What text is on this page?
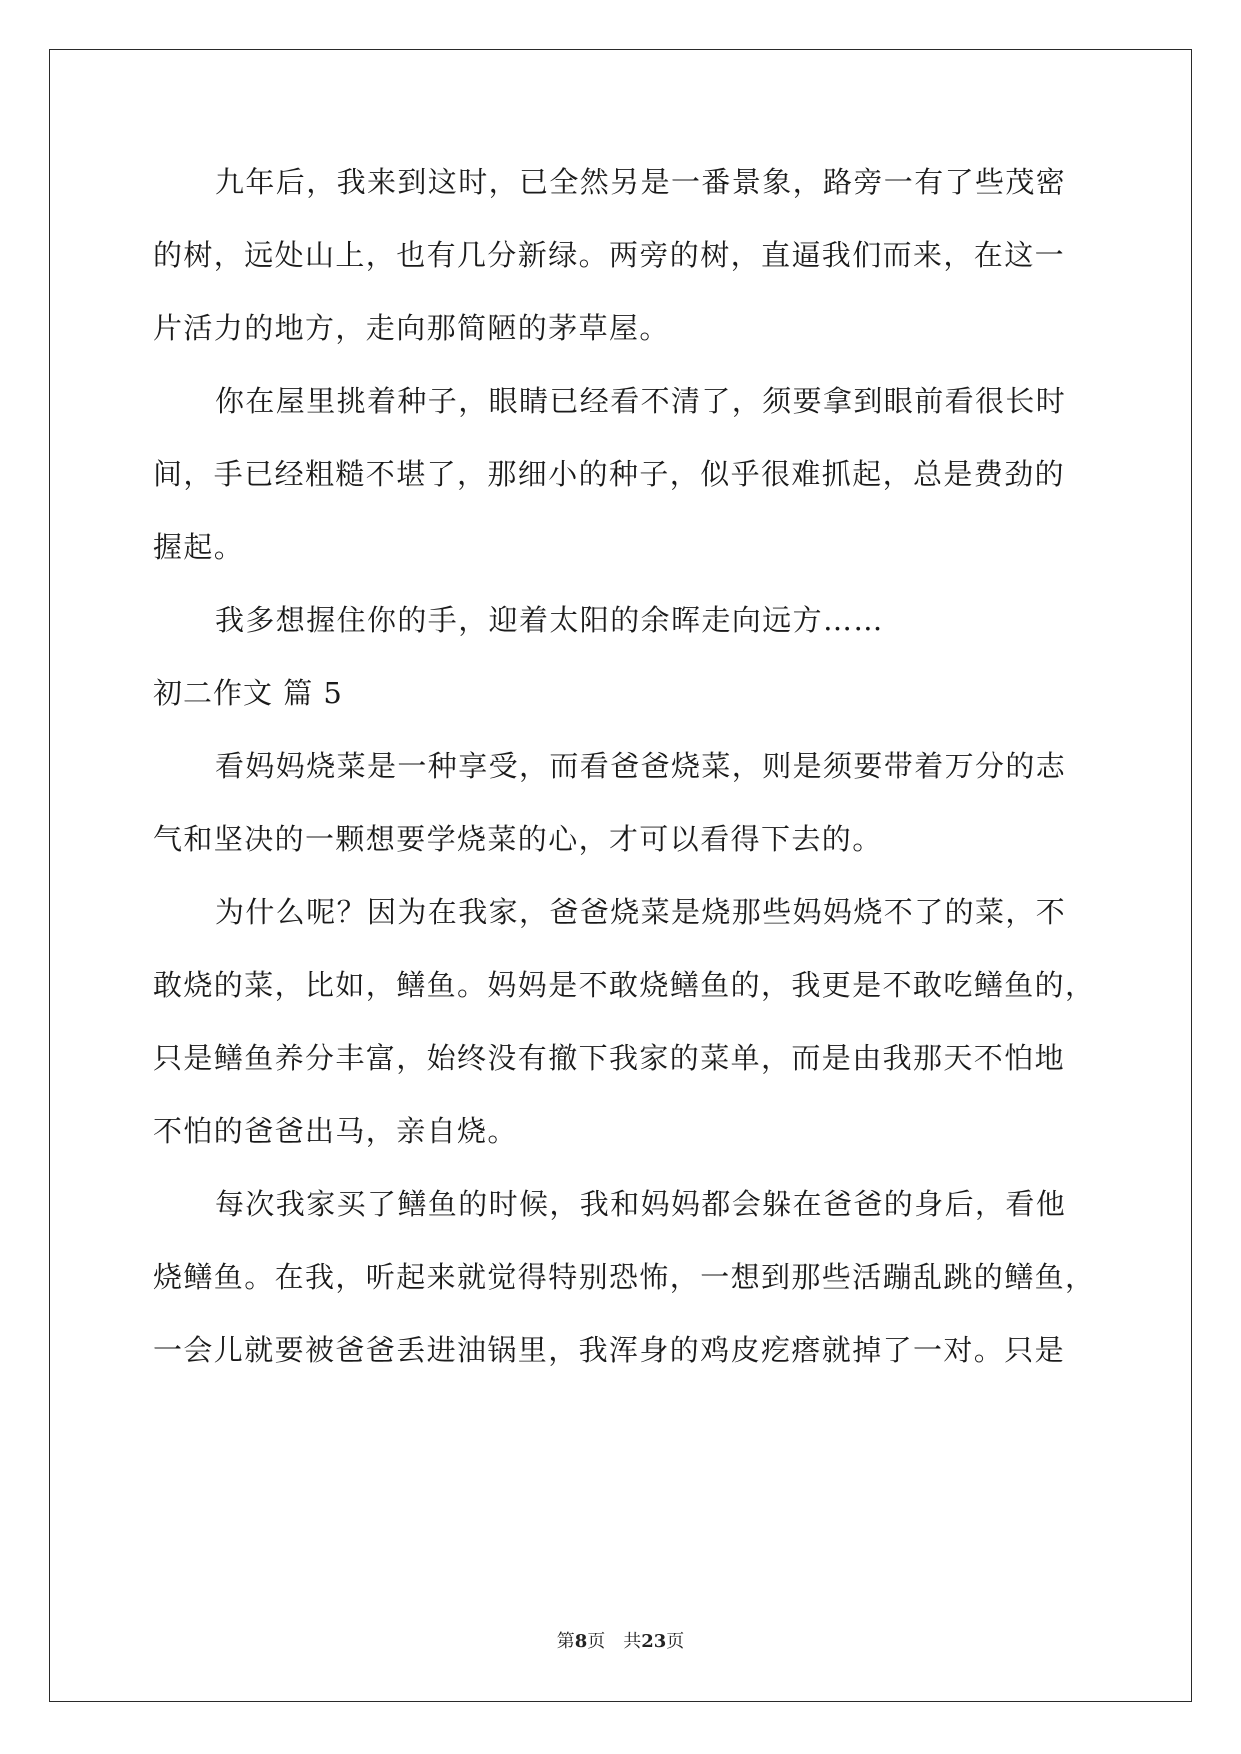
九年后，我来到这时，已全然另是一番景象，路旁一有了些茂密
的树，远处山上，也有几分新绿。两旁的树，直逼我们而来，在这一
片活力的地方，走向那简陋的茅草屋。
你在屋里挑着种子，眼睛已经看不清了，须要拿到眼前看很长时
间，手已经粗糙不堪了，那细小的种子，似乎很难抓起，总是费劲的
握起。
我多想握住你的手，迎着太阳的余晖走向远方……
初二作文 篇 5
看妈妈烧菜是一种享受，而看爸爸烧菜，则是须要带着万分的志
气和坚决的一颗想要学烧菜的心，才可以看得下去的。
为什么呢？因为在我家，爸爸烧菜是烧那些妈妈烧不了的菜，不
敢烧的菜，比如，鳝鱼。妈妈是不敢烧鳝鱼的，我更是不敢吃鳝鱼的，
只是鳝鱼养分丰富，始终没有撤下我家的菜单，而是由我那天不怕地
不怕的爸爸出马，亲自烧。
每次我家买了鳝鱼的时候，我和妈妈都会躲在爸爸的身后，看他
烧鳝鱼。在我，听起来就觉得特别恐怖，一想到那些活蹦乱跳的鳝鱼，
一会儿就要被爸爸丢进油锅里，我浑身的鸡皮疙瘩就掉了一对。只是
第8页 共23页
